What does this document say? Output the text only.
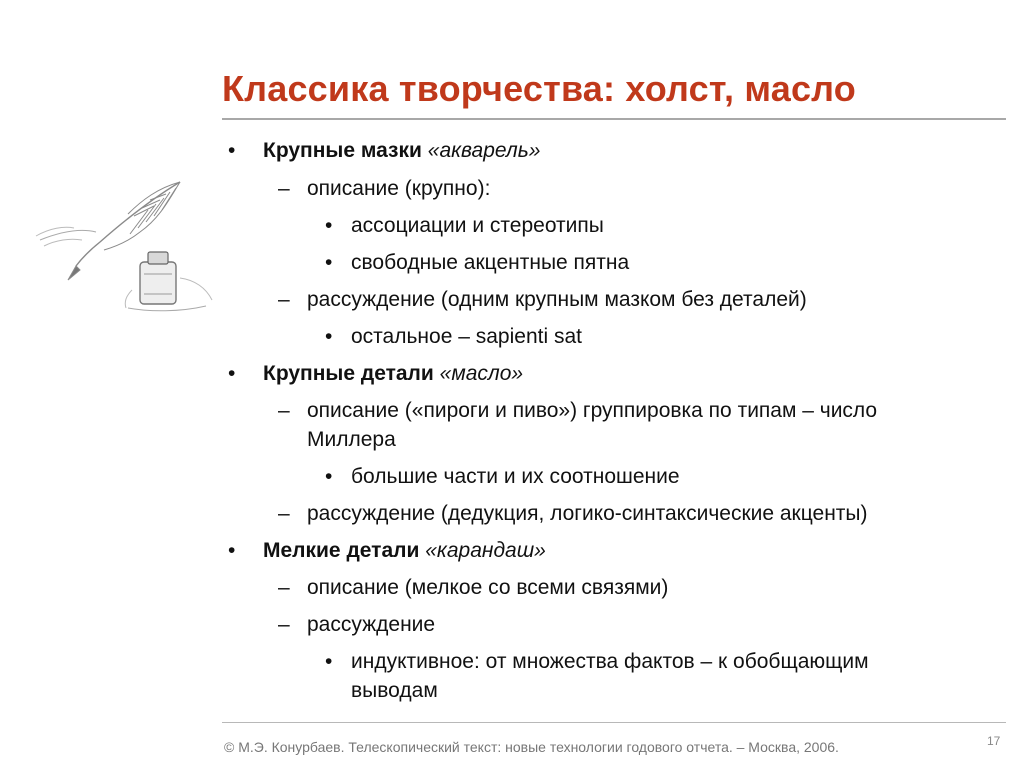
Классика творчества: холст, масло
• Крупные мазки «акварель»
– описание (крупно):
• ассоциации и стереотипы
• свободные акцентные пятна
– рассуждение (одним крупным мазком без деталей)
• остальное – sapienti sat
• Крупные детали «масло»
– описание («пироги и пиво») группировка по типам – число
Миллера
• большие части и их соотношение
– рассуждение (дедукция, логико-синтаксические акценты)
• Мелкие детали «карандаш»
– описание (мелкое со всеми связями)
– рассуждение
• индуктивное: от множества фактов – к обобщающим
выводам
© М.Э. Конурбаев. Телескопический текст: новые технологии годового отчета. – Москва, 2006.	17
